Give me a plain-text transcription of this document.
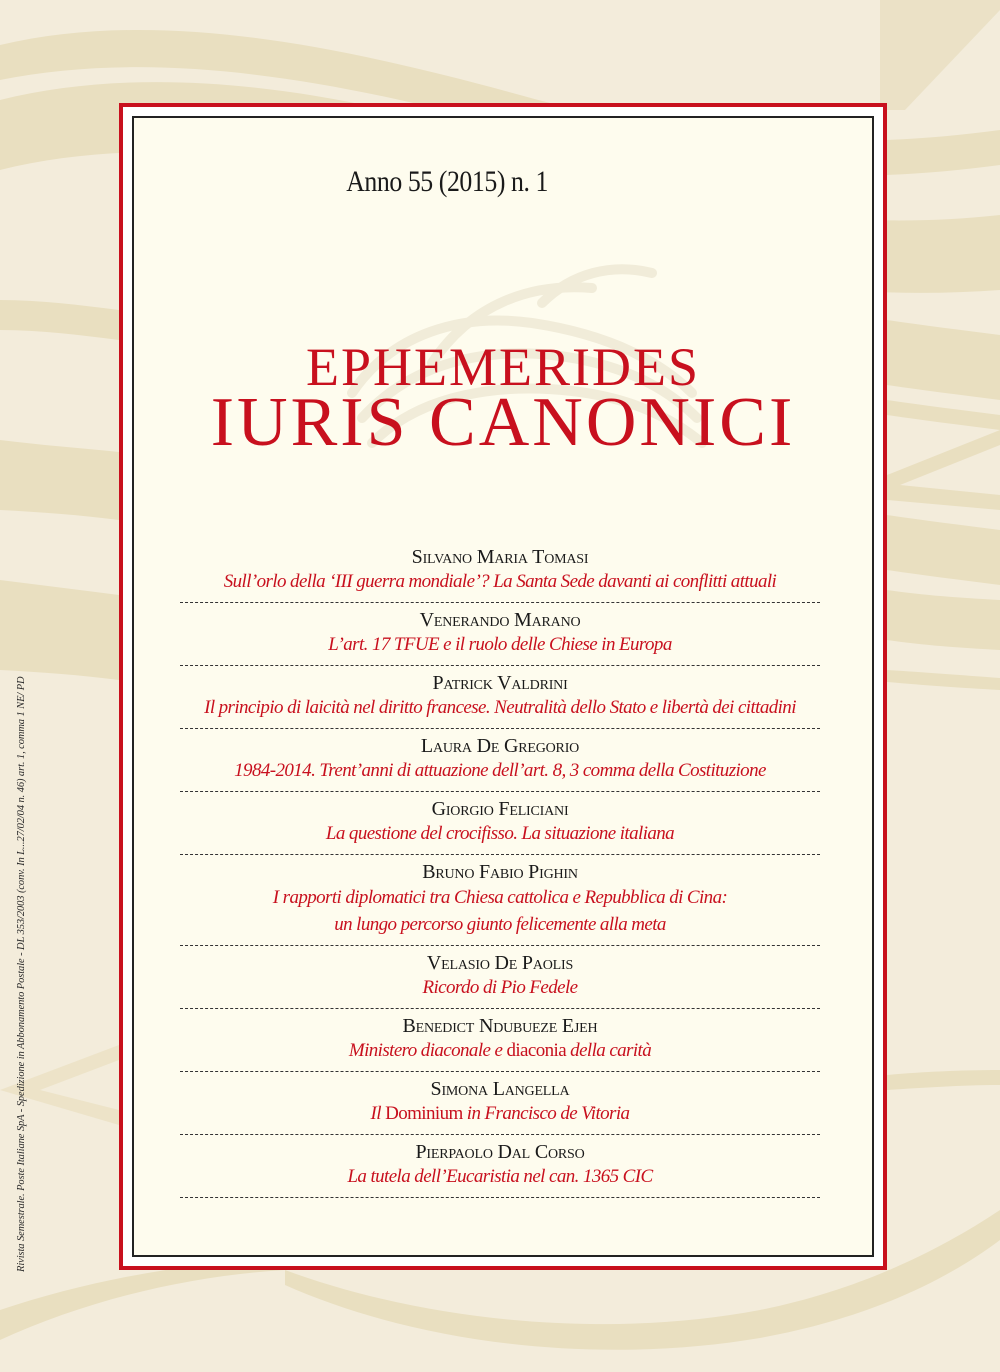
Rivista Semestrale. Poste Italiane SpA - Spedizione in Abbonamento Postale - DL 353/2003 (conv. In L...27/02/04 n. 46) art. 1, comma 1 NE/ PD
Anno 55 (2015) n. 1
EPHEMERIDES
IURIS CANONICI
Silvano Maria Tomasi
Sull’orlo della ‘III guerra mondiale’? La Santa Sede davanti ai conflitti attuali
Venerando Marano
L’art. 17 TFUE e il ruolo delle Chiese in Europa
Patrick Valdrini
Il principio di laicità nel diritto francese. Neutralità dello Stato e libertà dei cittadini
Laura De Gregorio
1984-2014. Trent’anni di attuazione dell’art. 8, 3 comma della Costituzione
Giorgio Feliciani
La questione del crocifisso. La situazione italiana
Bruno Fabio Pighin
I rapporti diplomatici tra Chiesa cattolica e Repubblica di Cina:
un lungo percorso giunto felicemente alla meta
Velasio De Paolis
Ricordo di Pio Fedele
Benedict Ndubueze Ejeh
Ministero diaconale e diaconia della carità
Simona Langella
Il Dominium in Francisco de Vitoria
Pierpaolo Dal Corso
La tutela dell’Eucaristia nel can. 1365 CIC
